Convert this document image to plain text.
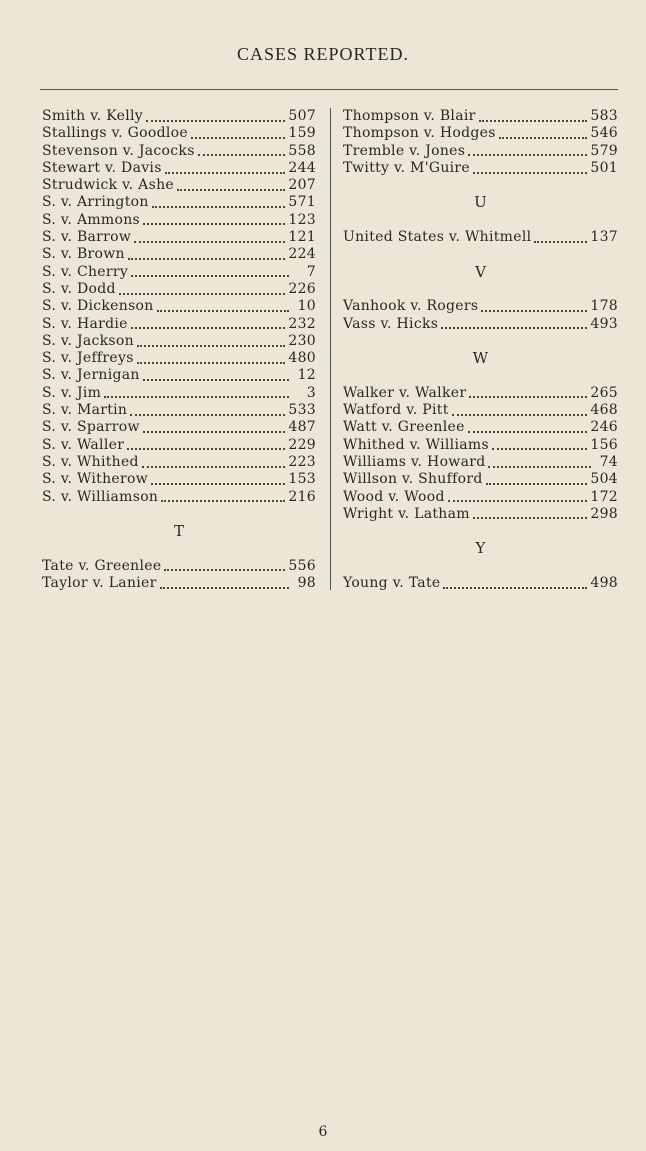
CASES REPORTED.
Smith v. Kelly	507
Stallings v. Goodloe	159
Stevenson v. Jacocks	558
Stewart v. Davis	244
Strudwick v. Ashe	207
S. v. Arrington	571
S. v. Ammons	123
S. v. Barrow	121
S. v. Brown	224
S. v. Cherry	7
S. v. Dodd	226
S. v. Dickenson	10
S. v. Hardie	232
S. v. Jackson	230
S. v. Jeffreys	480
S. v. Jernigan	12
S. v. Jim	3
S. v. Martin	533
S. v. Sparrow	487
S. v. Waller	229
S. v. Whithed	223
S. v. Witherow	153
S. v. Williamson	216
T
Tate v. Greenlee	556
Taylor v. Lanier	98
Thompson v. Blair	583
Thompson v. Hodges	546
Tremble v. Jones	579
Twitty v. M'Guire	501
U
United States v. Whitmell	137
V
Vanhook v. Rogers	178
Vass v. Hicks	493
W
Walker v. Walker	265
Watford v. Pitt	468
Watt v. Greenlee	246
Whithed v. Williams	156
Williams v. Howard	74
Willson v. Shufford	504
Wood v. Wood	172
Wright v. Latham	298
Y
Young v. Tate	498
6
